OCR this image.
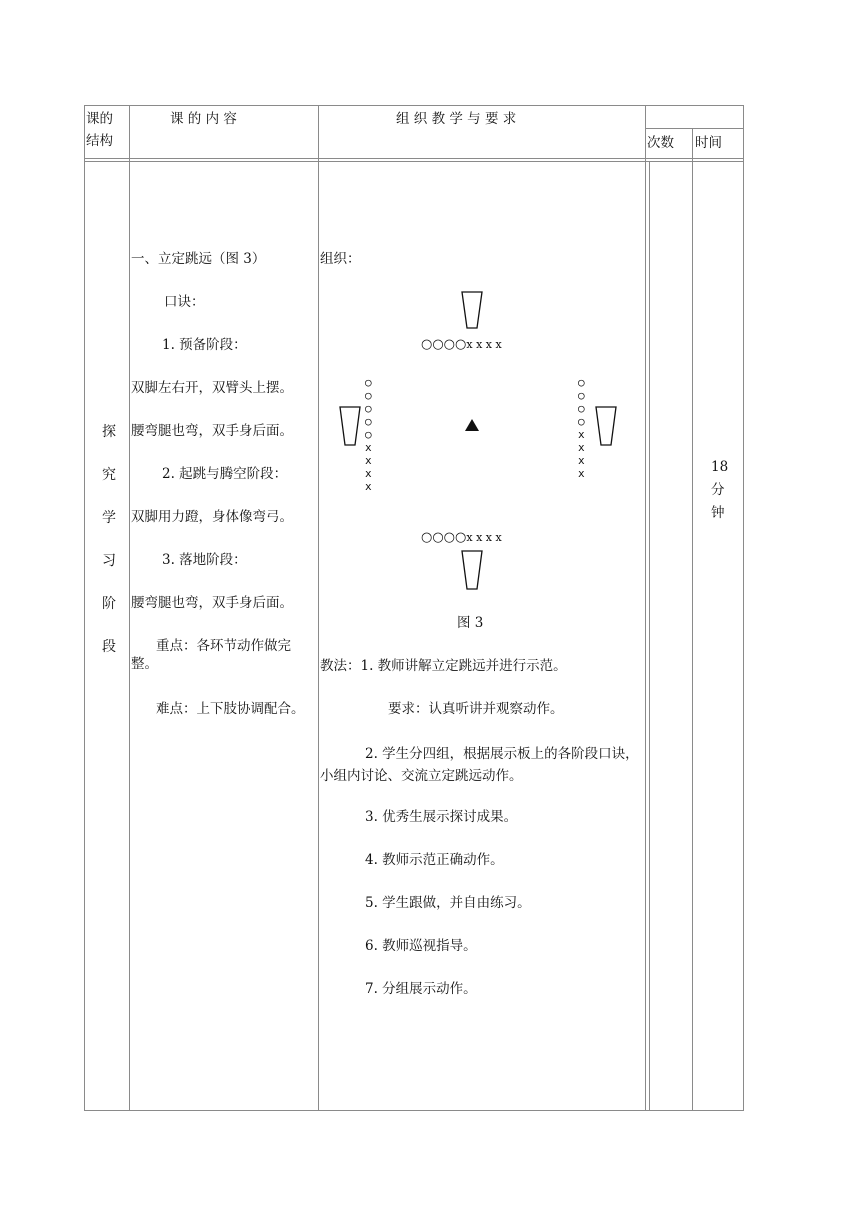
课的
结构
课 的 内 容	组 织 教 学 与 要 求
次数 时间
探
究
学
习
阶
段
18
分
钟
一、立定跳远（图 3）
口诀：
1. 预备阶段：
双脚左右开，双臂头上摆。
腰弯腿也弯，双手身后面。
2. 起跳与腾空阶段：
双脚用力蹬，身体像弯弓。
3. 落地阶段：
腰弯腿也弯，双手身后面。
重点：各环节动作做完整。
难点：上下肢协调配合。
组织：
○○○○x x x x
○
○
○
○
○
x
x
x
x
○
○
○
○
x
x
x
x
○○○○x x x x
图 3
教法：1. 教师讲解立定跳远并进行示范。
要求：认真听讲并观察动作。
2. 学生分四组，根据展示板上的各阶段口诀，小组内讨论、交流立定跳远动作。
3. 优秀生展示探讨成果。
4. 教师示范正确动作。
5. 学生跟做，并自由练习。
6. 教师巡视指导。
7. 分组展示动作。
